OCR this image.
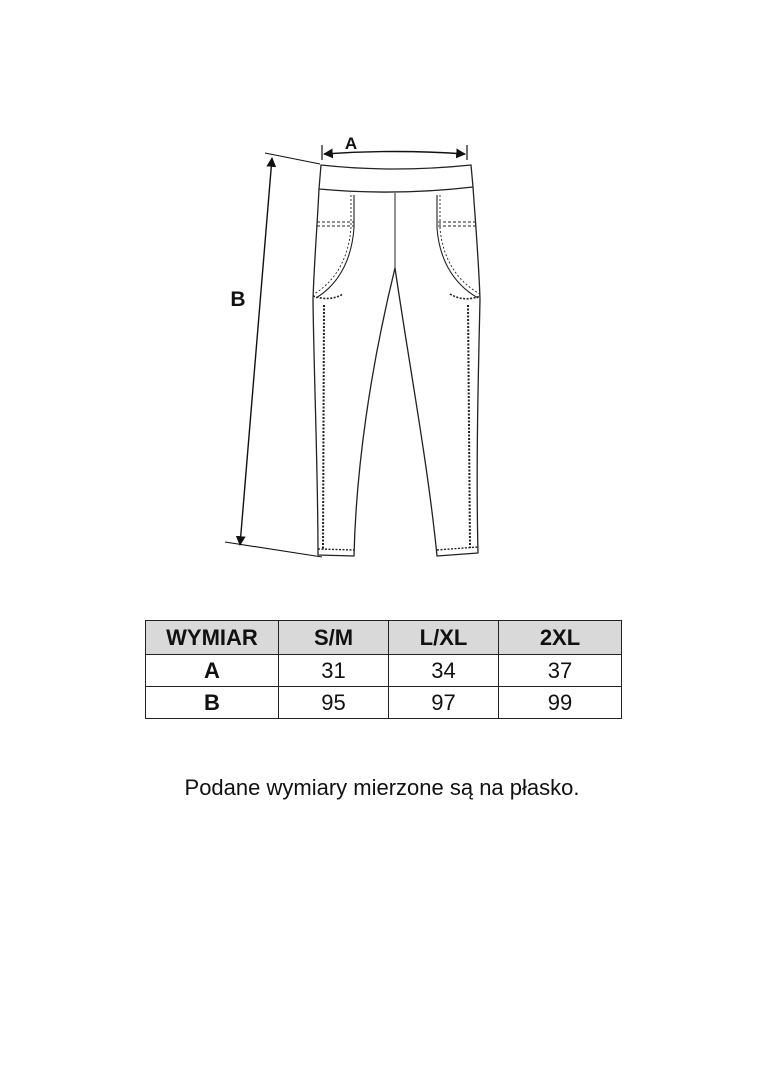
A
B
WYMIAR	S/M	L/XL	2XL
A	31	34	37
B	95	97	99
Podane wymiary mierzone są na płasko.
